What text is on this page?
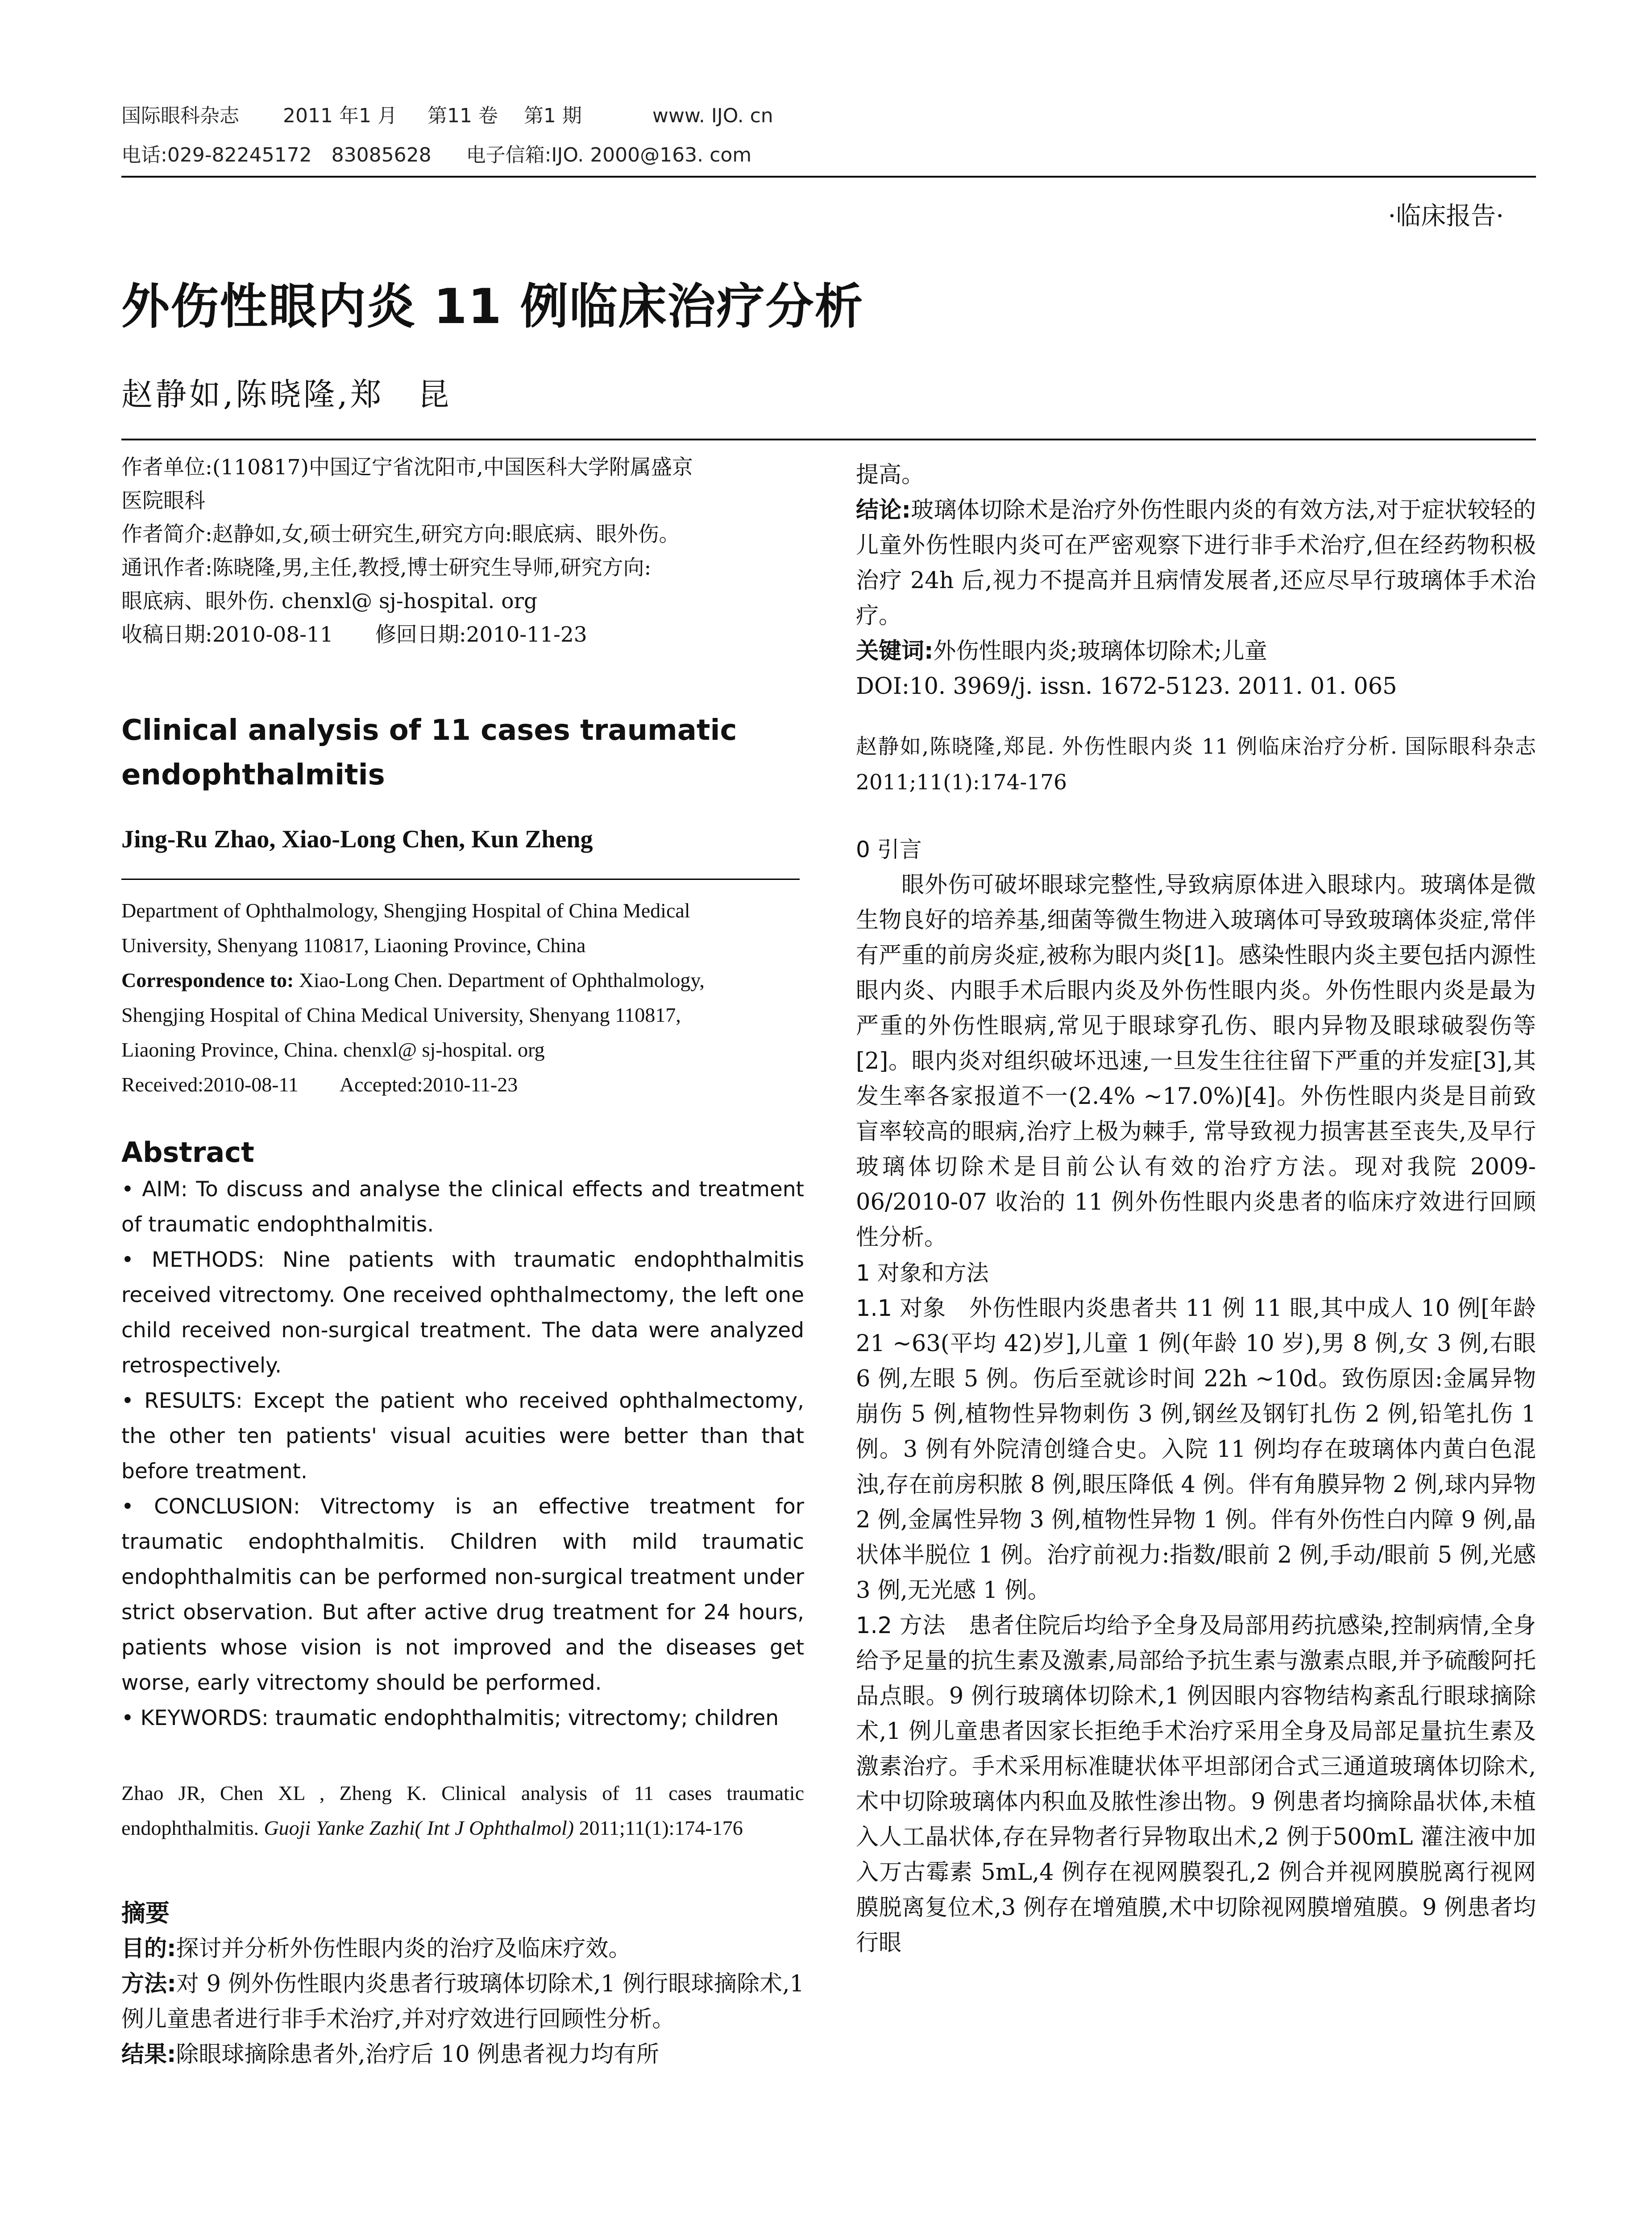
国际眼科杂志 2011 年1 月 第11 卷 第1 期	www. IJO. cn
电话:029-82245172　83085628 电子信箱:IJO. 2000@163. com
·临床报告·
外伤性眼内炎 11 例临床治疗分析
赵静如,陈晓隆,郑　昆
作者单位:(110817)中国辽宁省沈阳市,中国医科大学附属盛京
医院眼科
作者简介:赵静如,女,硕士研究生,研究方向:眼底病、眼外伤。
通讯作者:陈晓隆,男,主任,教授,博士研究生导师,研究方向:
眼底病、眼外伤. chenxl@ sj-hospital. org
收稿日期:2010-08-11　　修回日期:2010-11-23
Clinical analysis of 11 cases traumatic endophthalmitis
Jing-Ru Zhao, Xiao-Long Chen, Kun Zheng
Department of Ophthalmology, Shengjing Hospital of China Medical
University, Shenyang 110817, Liaoning Province, China
Correspondence to: Xiao-Long Chen. Department of Ophthalmology,
Shengjing Hospital of China Medical University, Shenyang 110817,
Liaoning Province, China. chenxl@ sj-hospital. org
Received:2010-08-11　　Accepted:2010-11-23
Abstract

• AIM: To discuss and analyse the clinical effects and treatment of traumatic endophthalmitis.

• METHODS: Nine patients with traumatic endophthalmitis received vitrectomy. One received ophthalmectomy, the left one child received non-surgical treatment. The data were analyzed retrospectively.

• RESULTS: Except the patient who received ophthalmectomy, the other ten patients' visual acuities were better than that before treatment.

• CONCLUSION: Vitrectomy is an effective treatment for traumatic endophthalmitis. Children with mild traumatic endophthalmitis can be performed non-surgical treatment under strict observation. But after active drug treatment for 24 hours, patients whose vision is not improved and the diseases get worse, early vitrectomy should be performed.

• KEYWORDS: traumatic endophthalmitis; vitrectomy; children

Zhao JR, Chen XL , Zheng K. Clinical analysis of 11 cases traumatic endophthalmitis. Guoji Yanke Zazhi( Int J Ophthalmol) 2011;11(1):174-176
摘要

目的:探讨并分析外伤性眼内炎的治疗及临床疗效。

方法:对 9 例外伤性眼内炎患者行玻璃体切除术,1 例行眼球摘除术,1 例儿童患者进行非手术治疗,并对疗效进行回顾性分析。

结果:除眼球摘除患者外,治疗后 10 例患者视力均有所

提高。

结论:玻璃体切除术是治疗外伤性眼内炎的有效方法,对于症状较轻的儿童外伤性眼内炎可在严密观察下进行非手术治疗,但在经药物积极治疗 24h 后,视力不提高并且病情发展者,还应尽早行玻璃体手术治疗。

关键词:外伤性眼内炎;玻璃体切除术;儿童

DOI:10. 3969/j. issn. 1672-5123. 2011. 01. 065
赵静如,陈晓隆,郑昆. 外伤性眼内炎 11 例临床治疗分析. 国际眼科杂志 2011;11(1):174-176
0 引言

眼外伤可破坏眼球完整性,导致病原体进入眼球内。玻璃体是微生物良好的培养基,细菌等微生物进入玻璃体可导致玻璃体炎症,常伴有严重的前房炎症,被称为眼内炎[1]。感染性眼内炎主要包括内源性眼内炎、内眼手术后眼内炎及外伤性眼内炎。外伤性眼内炎是最为严重的外伤性眼病,常见于眼球穿孔伤、眼内异物及眼球破裂伤等[2]。眼内炎对组织破坏迅速,一旦发生往往留下严重的并发症[3],其发生率各家报道不一(2.4% ~17.0%)[4]。外伤性眼内炎是目前致盲率较高的眼病,治疗上极为棘手, 常导致视力损害甚至丧失,及早行玻璃体切除术是目前公认有效的治疗方法。现对我院 2009-06/2010-07 收治的 11 例外伤性眼内炎患者的临床疗效进行回顾性分析。

1 对象和方法

1.1 对象　外伤性眼内炎患者共 11 例 11 眼,其中成人 10 例[年龄 21 ~63(平均 42)岁],儿童 1 例(年龄 10 岁),男 8 例,女 3 例,右眼 6 例,左眼 5 例。伤后至就诊时间 22h ~10d。致伤原因:金属异物崩伤 5 例,植物性异物刺伤 3 例,钢丝及钢钉扎伤 2 例,铅笔扎伤 1 例。3 例有外院清创缝合史。入院 11 例均存在玻璃体内黄白色混浊,存在前房积脓 8 例,眼压降低 4 例。伴有角膜异物 2 例,球内异物 2 例,金属性异物 3 例,植物性异物 1 例。伴有外伤性白内障 9 例,晶状体半脱位 1 例。治疗前视力:指数/眼前 2 例,手动/眼前 5 例,光感 3 例,无光感 1 例。

1.2 方法　患者住院后均给予全身及局部用药抗感染,控制病情,全身给予足量的抗生素及激素,局部给予抗生素与激素点眼,并予硫酸阿托品点眼。9 例行玻璃体切除术,1 例因眼内容物结构紊乱行眼球摘除术,1 例儿童患者因家长拒绝手术治疗采用全身及局部足量抗生素及激素治疗。手术采用标准睫状体平坦部闭合式三通道玻璃体切除术,术中切除玻璃体内积血及脓性渗出物。9 例患者均摘除晶状体,未植入人工晶状体,存在异物者行异物取出术,2 例于500mL 灌注液中加入万古霉素 5mL,4 例存在视网膜裂孔,2 例合并视网膜脱离行视网膜脱离复位术,3 例存在增殖膜,术中切除视网膜增殖膜。9 例患者均行眼
